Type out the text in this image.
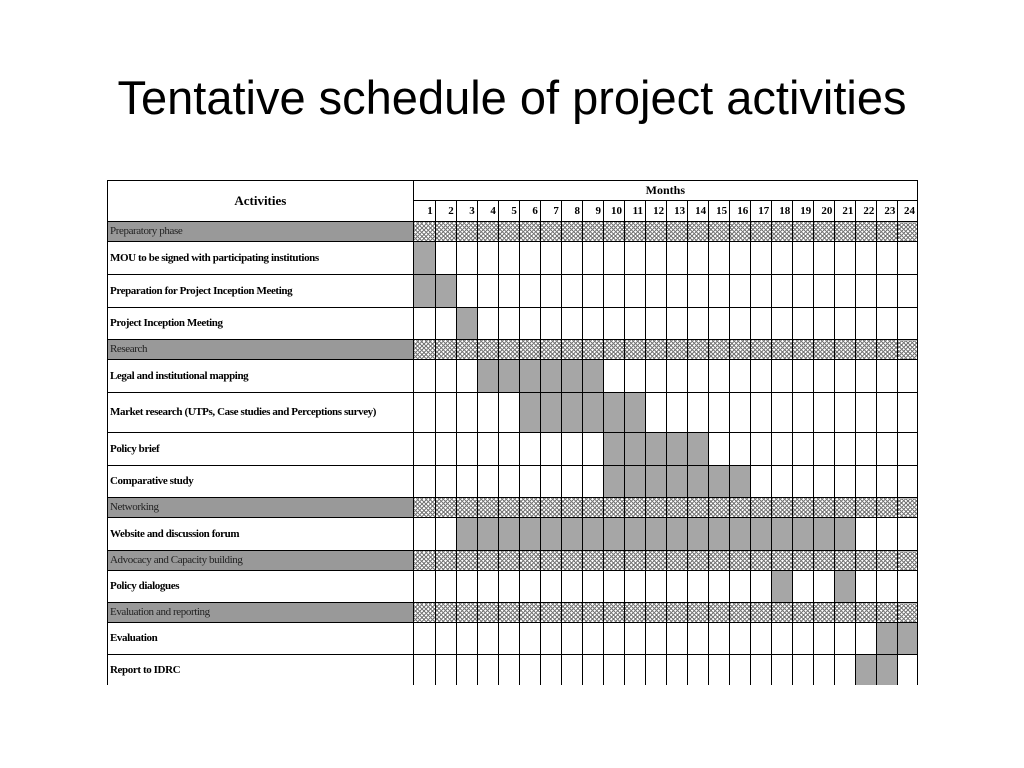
Tentative schedule of project activities
Activities	Months																							
	1	2	3	4	5	6	7	8	9	10	11	12	13	14	15	16	17	18	19	20	21	22	23	24
Preparatory phase																								
MOU to be signed with participating institutions																								
Preparation for Project Inception Meeting																								
Project Inception Meeting																								
Research																								
Legal and institutional mapping																								
Market research (UTPs, Case studies and Perceptions survey)																								
Policy brief																								
Comparative study																								
Networking																								
Website and discussion forum																								
Advocacy and Capacity building																								
Policy dialogues																								
Evaluation and reporting																								
Evaluation																								
Report to IDRC																								
